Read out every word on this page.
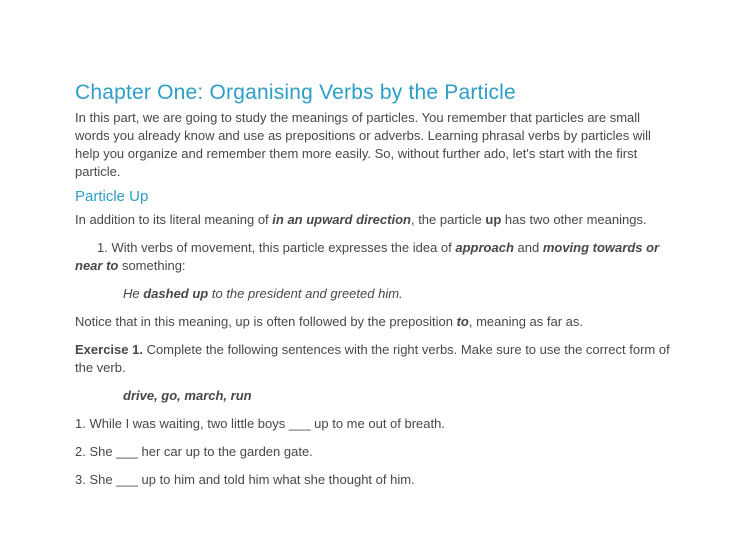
Chapter One: Organising Verbs by the Particle

In this part, we are going to study the meanings of particles. You remember that particles are small words you already know and use as prepositions or adverbs. Learning phrasal verbs by particles will help you organize and remember them more easily. So, without further ado, let's start with the first particle.

Particle Up

In addition to its literal meaning of in an upward direction, the particle up has two other meanings.

1. With verbs of movement, this particle expresses the idea of approach and moving towards or near to something:

He dashed up to the president and greeted him.

Notice that in this meaning, up is often followed by the preposition to, meaning as far as.

Exercise 1. Complete the following sentences with the right verbs. Make sure to use the correct form of the verb.

drive, go, march, run

1. While I was waiting, two little boys ___ up to me out of breath.

2. She ___ her car up to the garden gate.

3. She ___ up to him and told him what she thought of him.
